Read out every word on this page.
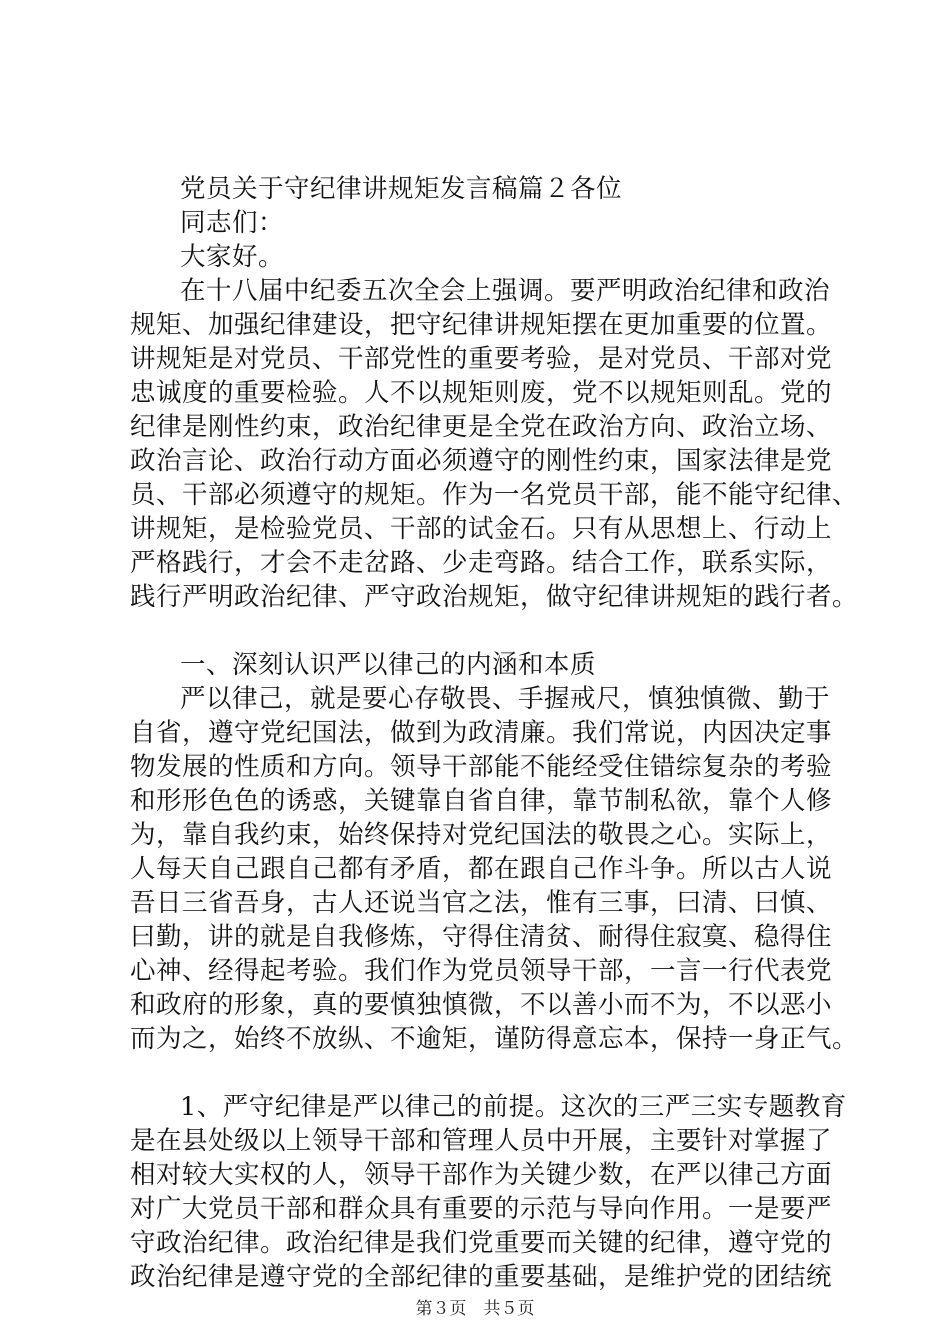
党员关于守纪律讲规矩发言稿篇２各位
同志们：
大家好。
在十八届中纪委五次全会上强调。要严明政治纪律和政治
规矩、加强纪律建设，把守纪律讲规矩摆在更加重要的位置。
讲规矩是对党员、干部党性的重要考验，是对党员、干部对党
忠诚度的重要检验。人不以规矩则废，党不以规矩则乱。党的
纪律是刚性约束，政治纪律更是全党在政治方向、政治立场、
政治言论、政治行动方面必须遵守的刚性约束，国家法律是党
员、干部必须遵守的规矩。作为一名党员干部，能不能守纪律、
讲规矩，是检验党员、干部的试金石。只有从思想上、行动上
严格践行，才会不走岔路、少走弯路。结合工作，联系实际，
践行严明政治纪律、严守政治规矩，做守纪律讲规矩的践行者。
一、深刻认识严以律己的内涵和本质
严以律己，就是要心存敬畏、手握戒尺，慎独慎微、勤于
自省，遵守党纪国法，做到为政清廉。我们常说，内因决定事
物发展的性质和方向。领导干部能不能经受住错综复杂的考验
和形形色色的诱惑，关键靠自省自律，靠节制私欲，靠个人修
为，靠自我约束，始终保持对党纪国法的敬畏之心。实际上，
人每天自己跟自己都有矛盾，都在跟自己作斗争。所以古人说
吾日三省吾身，古人还说当官之法，惟有三事，曰清、曰慎、
曰勤，讲的就是自我修炼，守得住清贫、耐得住寂寞、稳得住
心神、经得起考验。我们作为党员领导干部，一言一行代表党
和政府的形象，真的要慎独慎微，不以善小而不为，不以恶小
而为之，始终不放纵、不逾矩，谨防得意忘本，保持一身正气。
1、严守纪律是严以律己的前提。这次的三严三实专题教育
是在县处级以上领导干部和管理人员中开展，主要针对掌握了
相对较大实权的人，领导干部作为关键少数，在严以律己方面
对广大党员干部和群众具有重要的示范与导向作用。一是要严
守政治纪律。政治纪律是我们党重要而关键的纪律，遵守党的
政治纪律是遵守党的全部纪律的重要基础，是维护党的团结统
第３页　共５页
